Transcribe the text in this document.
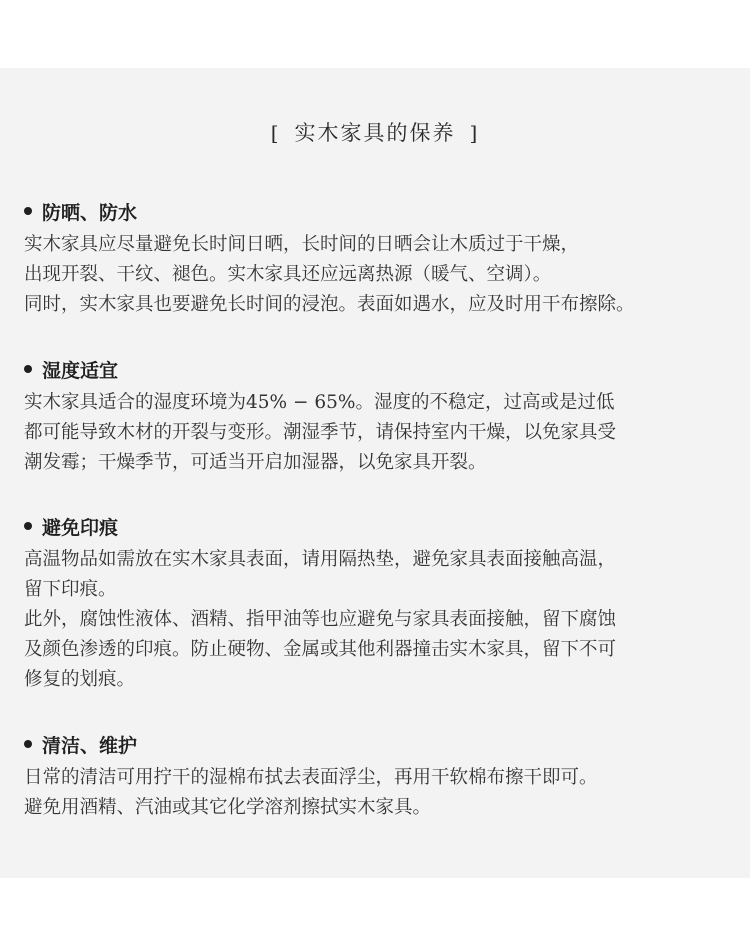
[ 实木家具的保养 ]
防晒、防水
实木家具应尽量避免长时间日晒，长时间的日晒会让木质过于干燥，
出现开裂、干纹、褪色。实木家具还应远离热源（暖气、空调）。
同时，实木家具也要避免长时间的浸泡。表面如遇水，应及时用干布擦除。
湿度适宜
实木家具适合的湿度环境为45% − 65%。湿度的不稳定，过高或是过低
都可能导致木材的开裂与变形。潮湿季节，请保持室内干燥，以免家具受
潮发霉；干燥季节，可适当开启加湿器，以免家具开裂。
避免印痕
高温物品如需放在实木家具表面，请用隔热垫，避免家具表面接触高温，
留下印痕。
此外，腐蚀性液体、酒精、指甲油等也应避免与家具表面接触，留下腐蚀
及颜色渗透的印痕。防止硬物、金属或其他利器撞击实木家具，留下不可
修复的划痕。
清洁、维护
日常的清洁可用拧干的湿棉布拭去表面浮尘，再用干软棉布擦干即可。
避免用酒精、汽油或其它化学溶剂擦拭实木家具。
